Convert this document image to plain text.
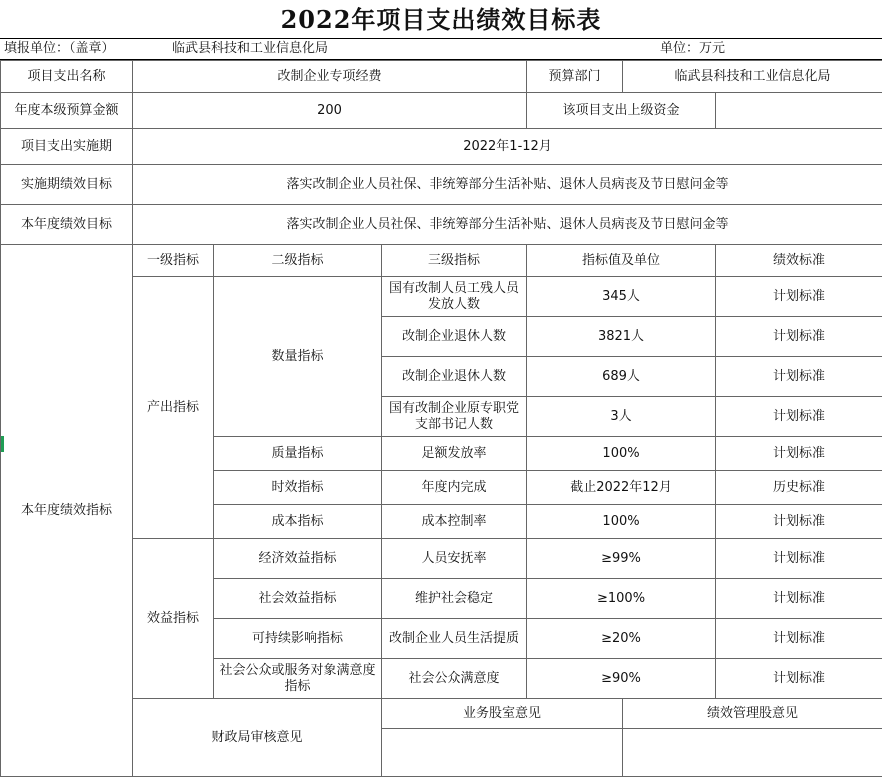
2022年项目支出绩效目标表
填报单位：（盖章）	临武县科技和工业信息化局	单位：万元
项目支出名称	改制企业专项经费			预算部门	临武县科技和工业信息化局	
年度本级预算金额	200			该项目支出上级资金		
项目支出实施期	2022年1-12月					
实施期绩效目标	落实改制企业人员社保、非统筹部分生活补贴、退休人员病丧及节日慰问金等					
本年度绩效目标	落实改制企业人员社保、非统筹部分生活补贴、退休人员病丧及节日慰问金等					
本年度绩效指标	一级指标	二级指标	三级指标	指标值及单位		绩效标准
	产出指标	数量指标	国有改制人员工残人员发放人数	345人		计划标准
			改制企业退休人数	3821人		计划标准
			改制企业退休人数	689人		计划标准
			国有改制企业原专职党支部书记人数	3人		计划标准
		质量指标	足额发放率	100%		计划标准
		时效指标	年度内完成	截止2022年12月		历史标准
		成本指标	成本控制率	100%		计划标准
	效益指标	经济效益指标	人员安抚率	≥99%		计划标准
		社会效益指标	维护社会稳定	≥100%		计划标准
		可持续影响指标	改制企业人员生活提质	≥20%		计划标准
		社会公众或服务对象满意度指标	社会公众满意度	≥90%		计划标准
	财政局审核意见		业务股室意见		绩效管理股意见	
